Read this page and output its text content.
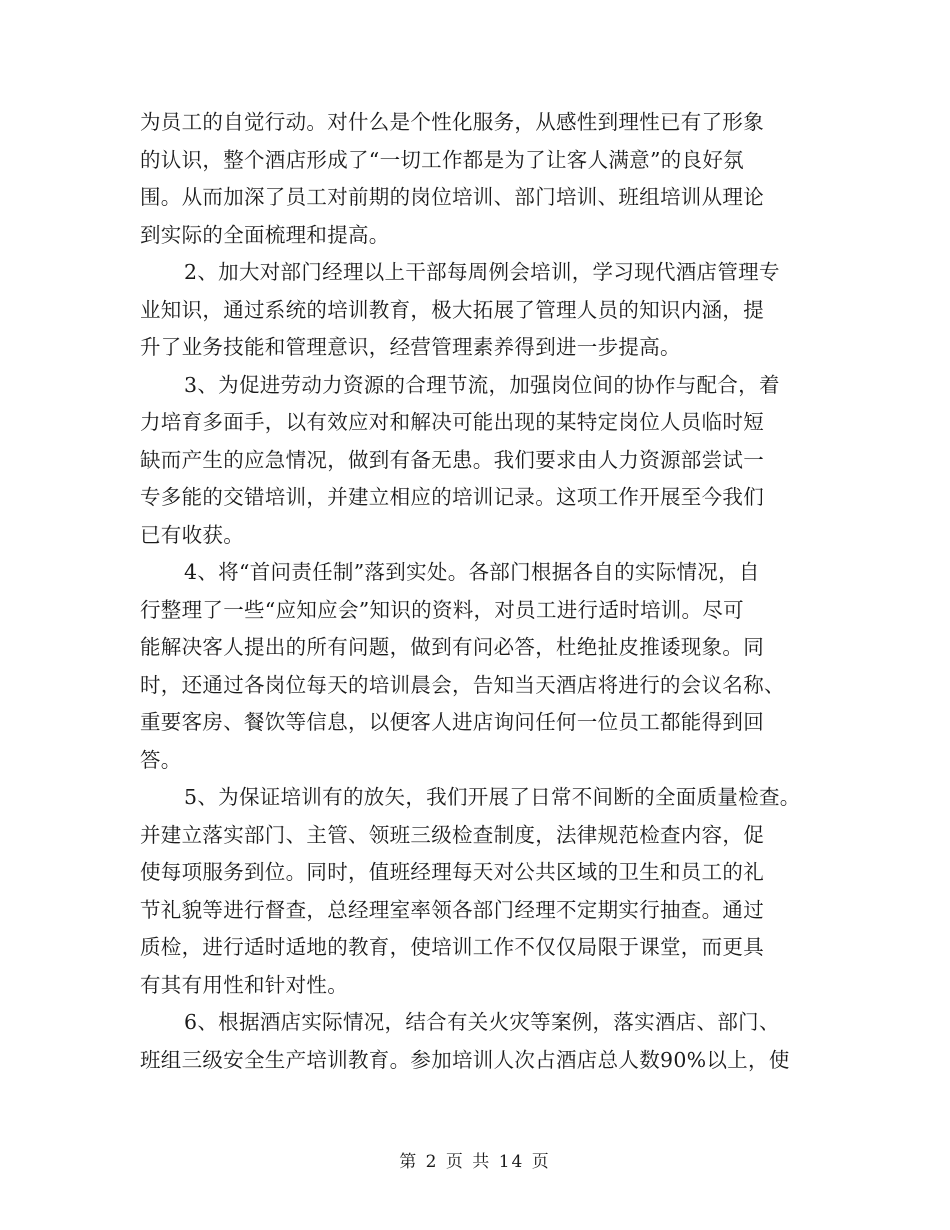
为员工的自觉行动。对什么是个性化服务，从感性到理性已有了形象
的认识，整个酒店形成了“一切工作都是为了让客人满意”的良好氛
围。从而加深了员工对前期的岗位培训、部门培训、班组培训从理论
到实际的全面梳理和提高。
2、加大对部门经理以上干部每周例会培训，学习现代酒店管理专
业知识，通过系统的培训教育，极大拓展了管理人员的知识内涵，提
升了业务技能和管理意识，经营管理素养得到进一步提高。
3、为促进劳动力资源的合理节流，加强岗位间的协作与配合，着
力培育多面手，以有效应对和解决可能出现的某特定岗位人员临时短
缺而产生的应急情况，做到有备无患。我们要求由人力资源部尝试一
专多能的交错培训，并建立相应的培训记录。这项工作开展至今我们
已有收获。
4、将“首问责任制”落到实处。各部门根据各自的实际情况，自
行整理了一些“应知应会”知识的资料，对员工进行适时培训。尽可
能解决客人提出的所有问题，做到有问必答，杜绝扯皮推诿现象。同
时，还通过各岗位每天的培训晨会，告知当天酒店将进行的会议名称、
重要客房、餐饮等信息，以便客人进店询问任何一位员工都能得到回
答。
5、为保证培训有的放矢，我们开展了日常不间断的全面质量检查。
并建立落实部门、主管、领班三级检查制度，法律规范检查内容，促
使每项服务到位。同时，值班经理每天对公共区域的卫生和员工的礼
节礼貌等进行督查，总经理室率领各部门经理不定期实行抽查。通过
质检，进行适时适地的教育，使培训工作不仅仅局限于课堂，而更具
有其有用性和针对性。
6、根据酒店实际情况，结合有关火灾等案例，落实酒店、部门、
班组三级安全生产培训教育。参加培训人次占酒店总人数90%以上，使
第 2 页 共 14 页
